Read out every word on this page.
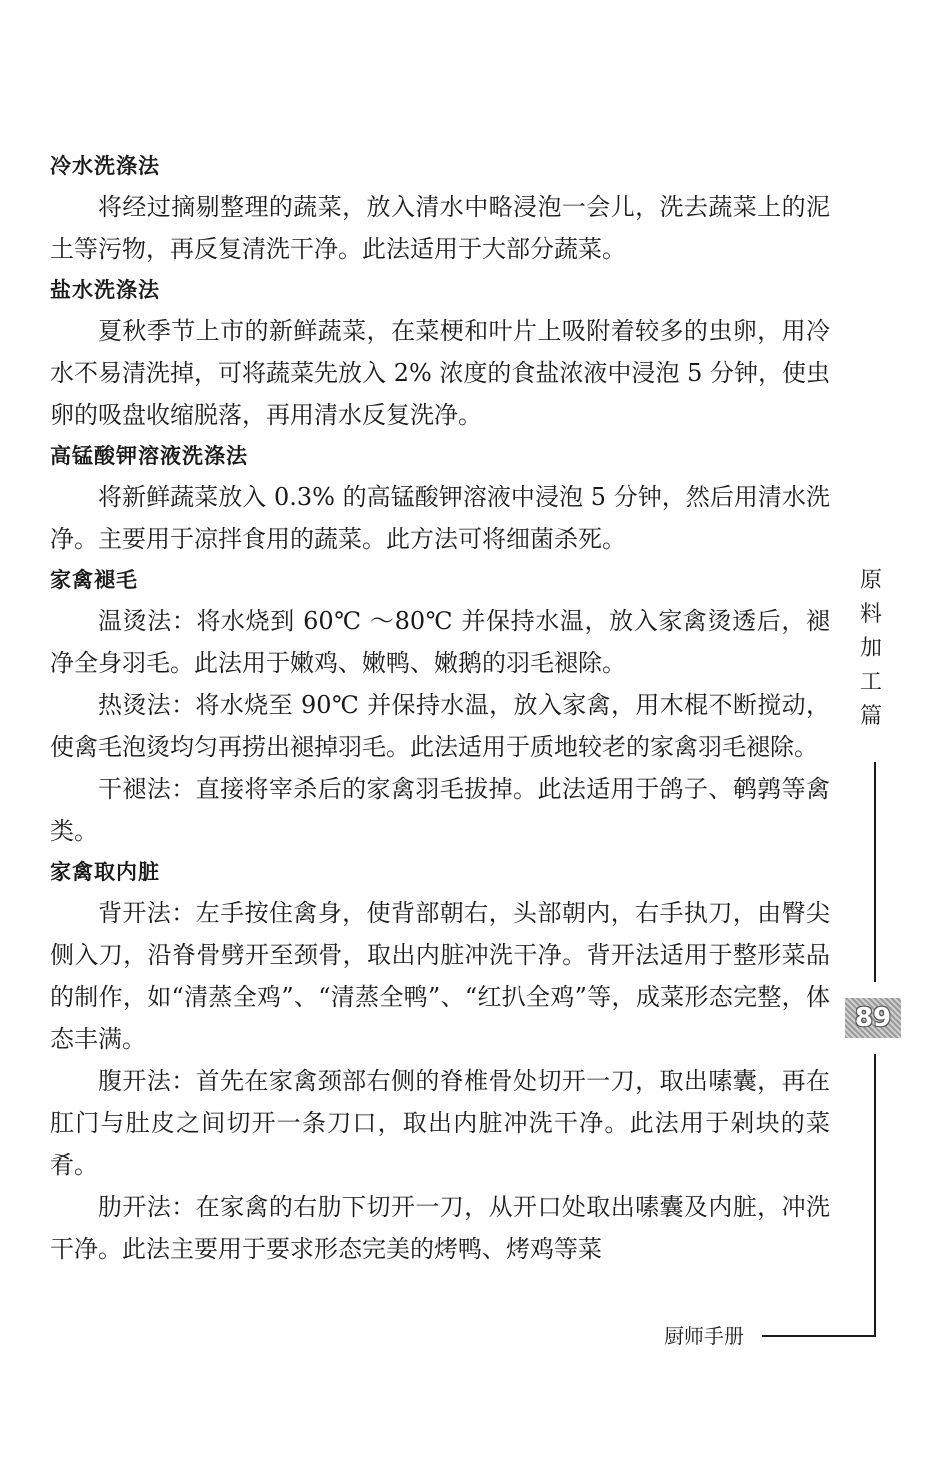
冷水洗涤法

将经过摘剔整理的蔬菜，放入清水中略浸泡一会儿，洗去蔬菜上的泥土等污物，再反复清洗干净。此法适用于大部分蔬菜。

盐水洗涤法

夏秋季节上市的新鲜蔬菜，在菜梗和叶片上吸附着较多的虫卵，用冷水不易清洗掉，可将蔬菜先放入 2% 浓度的食盐浓液中浸泡 5 分钟，使虫卵的吸盘收缩脱落，再用清水反复洗净。

高锰酸钾溶液洗涤法

将新鲜蔬菜放入 0.3% 的高锰酸钾溶液中浸泡 5 分钟，然后用清水洗净。主要用于凉拌食用的蔬菜。此方法可将细菌杀死。

家禽褪毛

温烫法：将水烧到 60℃ ～80℃ 并保持水温，放入家禽烫透后，褪净全身羽毛。此法用于嫩鸡、嫩鸭、嫩鹅的羽毛褪除。

热烫法：将水烧至 90℃ 并保持水温，放入家禽，用木棍不断搅动，使禽毛泡烫均匀再捞出褪掉羽毛。此法适用于质地较老的家禽羽毛褪除。

干褪法：直接将宰杀后的家禽羽毛拔掉。此法适用于鸽子、鹌鹑等禽类。

家禽取内脏

背开法：左手按住禽身，使背部朝右，头部朝内，右手执刀，由臀尖侧入刀，沿脊骨劈开至颈骨，取出内脏冲洗干净。背开法适用于整形菜品的制作，如“清蒸全鸡”、“清蒸全鸭”、“红扒全鸡”等，成菜形态完整，体态丰满。

腹开法：首先在家禽颈部右侧的脊椎骨处切开一刀，取出嗉囊，再在肛门与肚皮之间切开一条刀口，取出内脏冲洗干净。此法用于剁块的菜肴。

肋开法：在家禽的右肋下切开一刀，从开口处取出嗉囊及内脏，冲洗干净。此法主要用于要求形态完美的烤鸭、烤鸡等菜

原
料
加
工
篇
89
厨师手册
